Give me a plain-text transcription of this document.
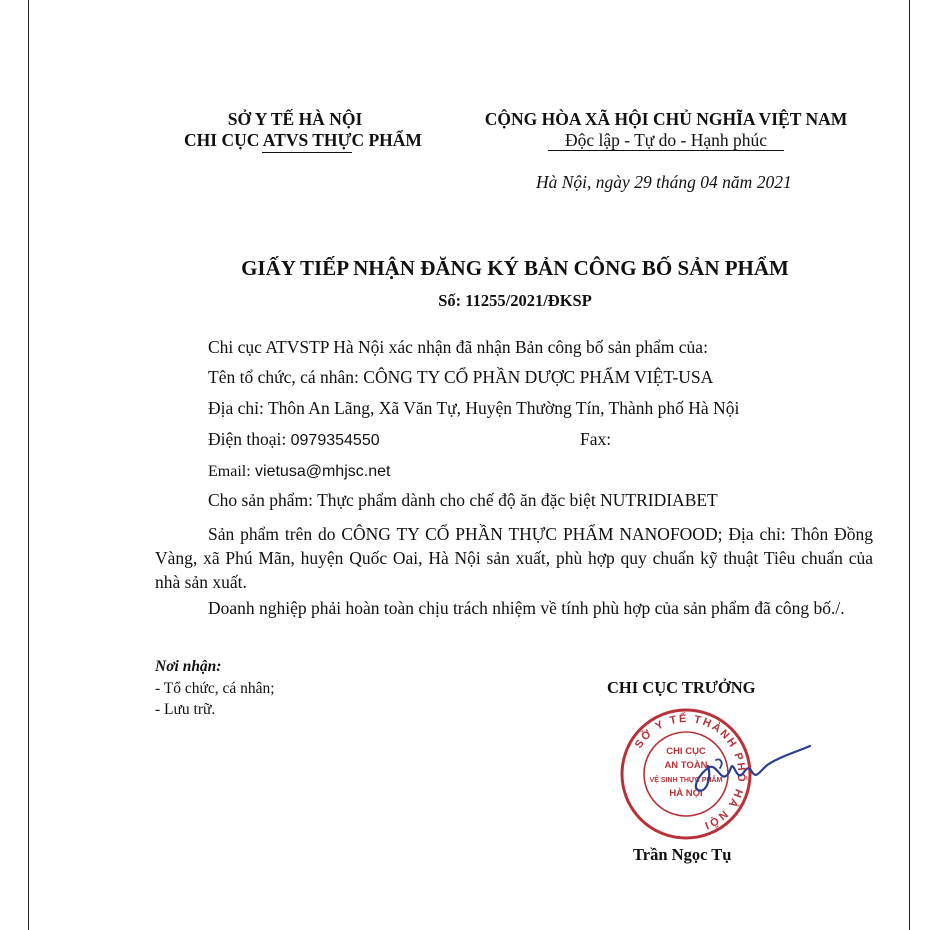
SỞ Y TẾ HÀ NỘI
CHI CỤC ATVS THỰC PHẨM
CỘNG HÒA XÃ HỘI CHỦ NGHĨA VIỆT NAM
Độc lập - Tự do - Hạnh phúc
Hà Nội, ngày 29 tháng 04 năm 2021
GIẤY TIẾP NHẬN ĐĂNG KÝ BẢN CÔNG BỐ SẢN PHẨM
Số: 11255/2021/ĐKSP
Chi cục ATVSTP Hà Nội xác nhận đã nhận Bản công bố sản phẩm của:
Tên tổ chức, cá nhân: CÔNG TY CỔ PHẦN DƯỢC PHẨM VIỆT-USA
Địa chỉ: Thôn An Lãng, Xã Văn Tự, Huyện Thường Tín, Thành phố Hà Nội
Điện thoại: 0979354550	Fax:
Email: vietusa@mhjsc.net
Cho sản phẩm: Thực phẩm dành cho chế độ ăn đặc biệt NUTRIDIABET
Sản phẩm trên do CÔNG TY CỔ PHẦN THỰC PHẨM NANOFOOD; Địa chỉ: Thôn Đồng Vàng, xã Phú Mãn, huyện Quốc Oai, Hà Nội sản xuất, phù hợp quy chuẩn kỹ thuật Tiêu chuẩn của nhà sản xuất.
Doanh nghiệp phải hoàn toàn chịu trách nhiệm về tính phù hợp của sản phẩm đã công bố./.
Nơi nhận:
- Tổ chức, cá nhân;
- Lưu trữ.
CHI CỤC TRƯỞNG
SỞ Y TẾ THÀNH PHỐ HÀ NỘI
CHI CỤC
AN TOÀN
VỆ SINH THỰC PHẨM
HÀ NỘI
Trần Ngọc Tụ
